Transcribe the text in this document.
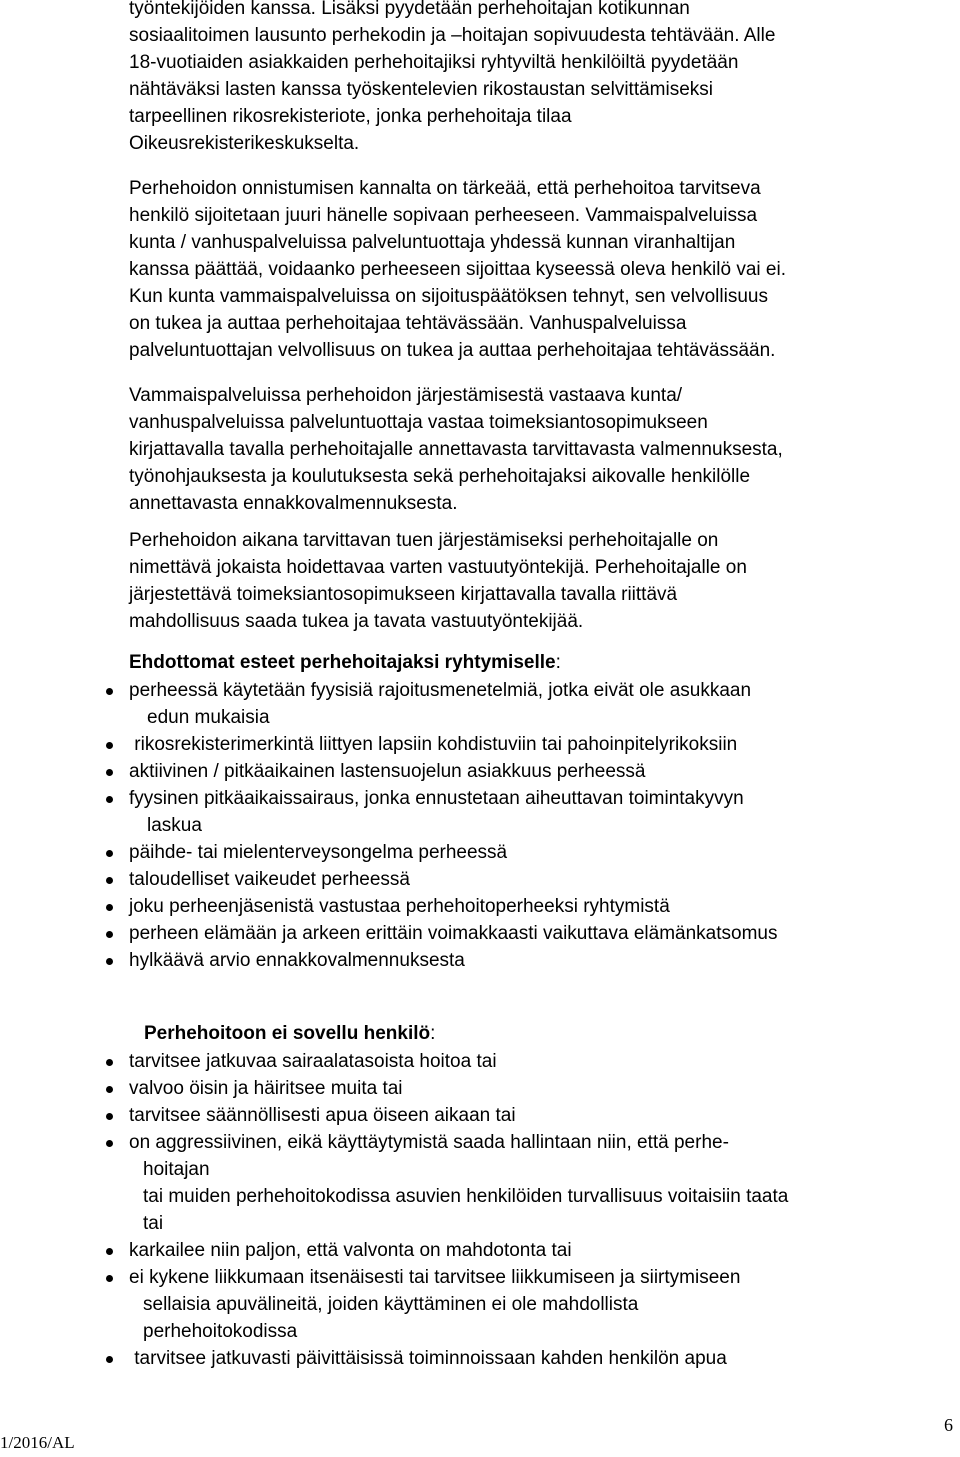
työntekijöiden kanssa. Lisäksi pyydetään perhehoitajan kotikunnan
sosiaalitoimen lausunto perhekodin ja –hoitajan sopivuudesta tehtävään. Alle
18-vuotiaiden asiakkaiden perhehoitajiksi ryhtyviltä henkilöiltä pyydetään
nähtäväksi lasten kanssa työskentelevien rikostaustan selvittämiseksi
tarpeellinen rikosrekisteriote, jonka perhehoitaja tilaa
Oikeusrekisterikeskukselta.

Perhehoidon onnistumisen kannalta on tärkeää, että perhehoitoa tarvitseva
henkilö sijoitetaan juuri hänelle sopivaan perheeseen. Vammaispalveluissa
kunta / vanhuspalveluissa palveluntuottaja yhdessä kunnan viranhaltijan
kanssa päättää, voidaanko perheeseen sijoittaa kyseessä oleva henkilö vai ei.
Kun kunta vammaispalveluissa on sijoituspäätöksen tehnyt, sen velvollisuus
on tukea ja auttaa perhehoitajaa tehtävässään. Vanhuspalveluissa
palveluntuottajan velvollisuus on tukea ja auttaa perhehoitajaa tehtävässään.

Vammaispalveluissa perhehoidon järjestämisestä vastaava kunta/
vanhuspalveluissa palveluntuottaja vastaa toimeksiantosopimukseen
kirjattavalla tavalla perhehoitajalle annettavasta tarvittavasta valmennuksesta,
työnohjauksesta ja koulutuksesta sekä perhehoitajaksi aikovalle henkilölle
annettavasta ennakkovalmennuksesta.

Perhehoidon aikana tarvittavan tuen järjestämiseksi perhehoitajalle on
nimettävä jokaista hoidettavaa varten vastuutyöntekijä. Perhehoitajalle on
järjestettävä toimeksiantosopimukseen kirjattavalla tavalla riittävä
mahdollisuus saada tukea ja tavata vastuutyöntekijää.

Ehdottomat esteet perhehoitajaksi ryhtymiselle:
perheessä käytetään fyysisiä rajoitusmenetelmiä, jotka eivät ole asukkaan
edun mukaisia
rikosrekisterimerkintä liittyen lapsiin kohdistuviin tai pahoinpitelyrikoksiin
aktiivinen / pitkäaikainen lastensuojelun asiakkuus perheessä
fyysinen pitkäaikaissairaus, jonka ennustetaan aiheuttavan toimintakyvyn
laskua
päihde- tai mielenterveysongelma perheessä
taloudelliset vaikeudet perheessä
joku perheenjäsenistä vastustaa perhehoitoperheeksi ryhtymistä
perheen elämään ja arkeen erittäin voimakkaasti vaikuttava elämänkatsomus
hylkäävä arvio ennakkovalmennuksesta
Perhehoitoon ei sovellu henkilö:
tarvitsee jatkuvaa sairaalatasoista hoitoa tai
valvoo öisin ja häiritsee muita tai
tarvitsee säännöllisesti apua öiseen aikaan tai
on aggressiivinen, eikä käyttäytymistä saada hallintaan niin, että perhe-
hoitajan
tai muiden perhehoitokodissa asuvien henkilöiden turvallisuus voitaisiin taata
tai
karkailee niin paljon, että valvonta on mahdotonta tai
ei kykene liikkumaan itsenäisesti tai tarvitsee liikkumiseen ja siirtymiseen
sellaisia apuvälineitä, joiden käyttäminen ei ole mahdollista
perhehoitokodissa
tarvitsee jatkuvasti päivittäisissä toiminnoissaan kahden henkilön apua
1/2016/AL
6
